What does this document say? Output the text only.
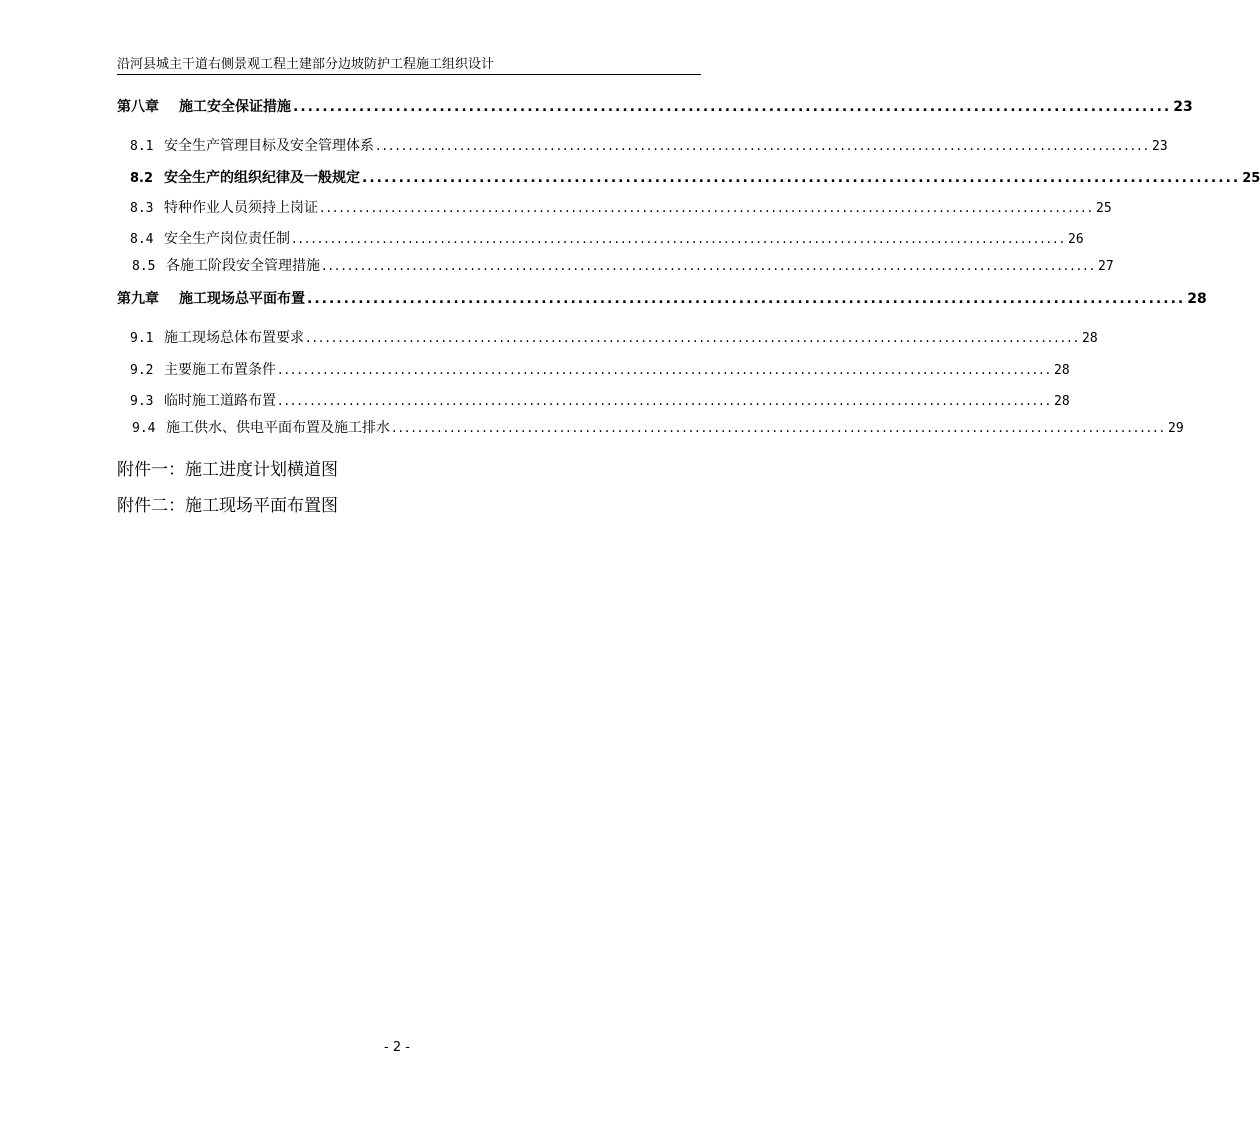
沿河县城主干道右侧景观工程土建部分边坡防护工程施工组织设计
第八章	施工安全保证措施 ........................................................................................................................ 23
8.1 安全生产管理目标及安全管理体系 ........................................................................................................................ 23
8.2 安全生产的组织纪律及一般规定 ........................................................................................................................ 25
8.3 特种作业人员须持上岗证 ........................................................................................................................ 25
8.4 安全生产岗位责任制 ........................................................................................................................ 26
8.5 各施工阶段安全管理措施 ........................................................................................................................ 27
第九章	施工现场总平面布置 ........................................................................................................................ 28
9.1 施工现场总体布置要求 ........................................................................................................................ 28
9.2 主要施工布置条件 ........................................................................................................................ 28
9.3 临时施工道路布置 ........................................................................................................................ 28
9.4 施工供水、供电平面布置及施工排水 ........................................................................................................................ 29
附件一：施工进度计划横道图
附件二：施工现场平面布置图
- 2 -
